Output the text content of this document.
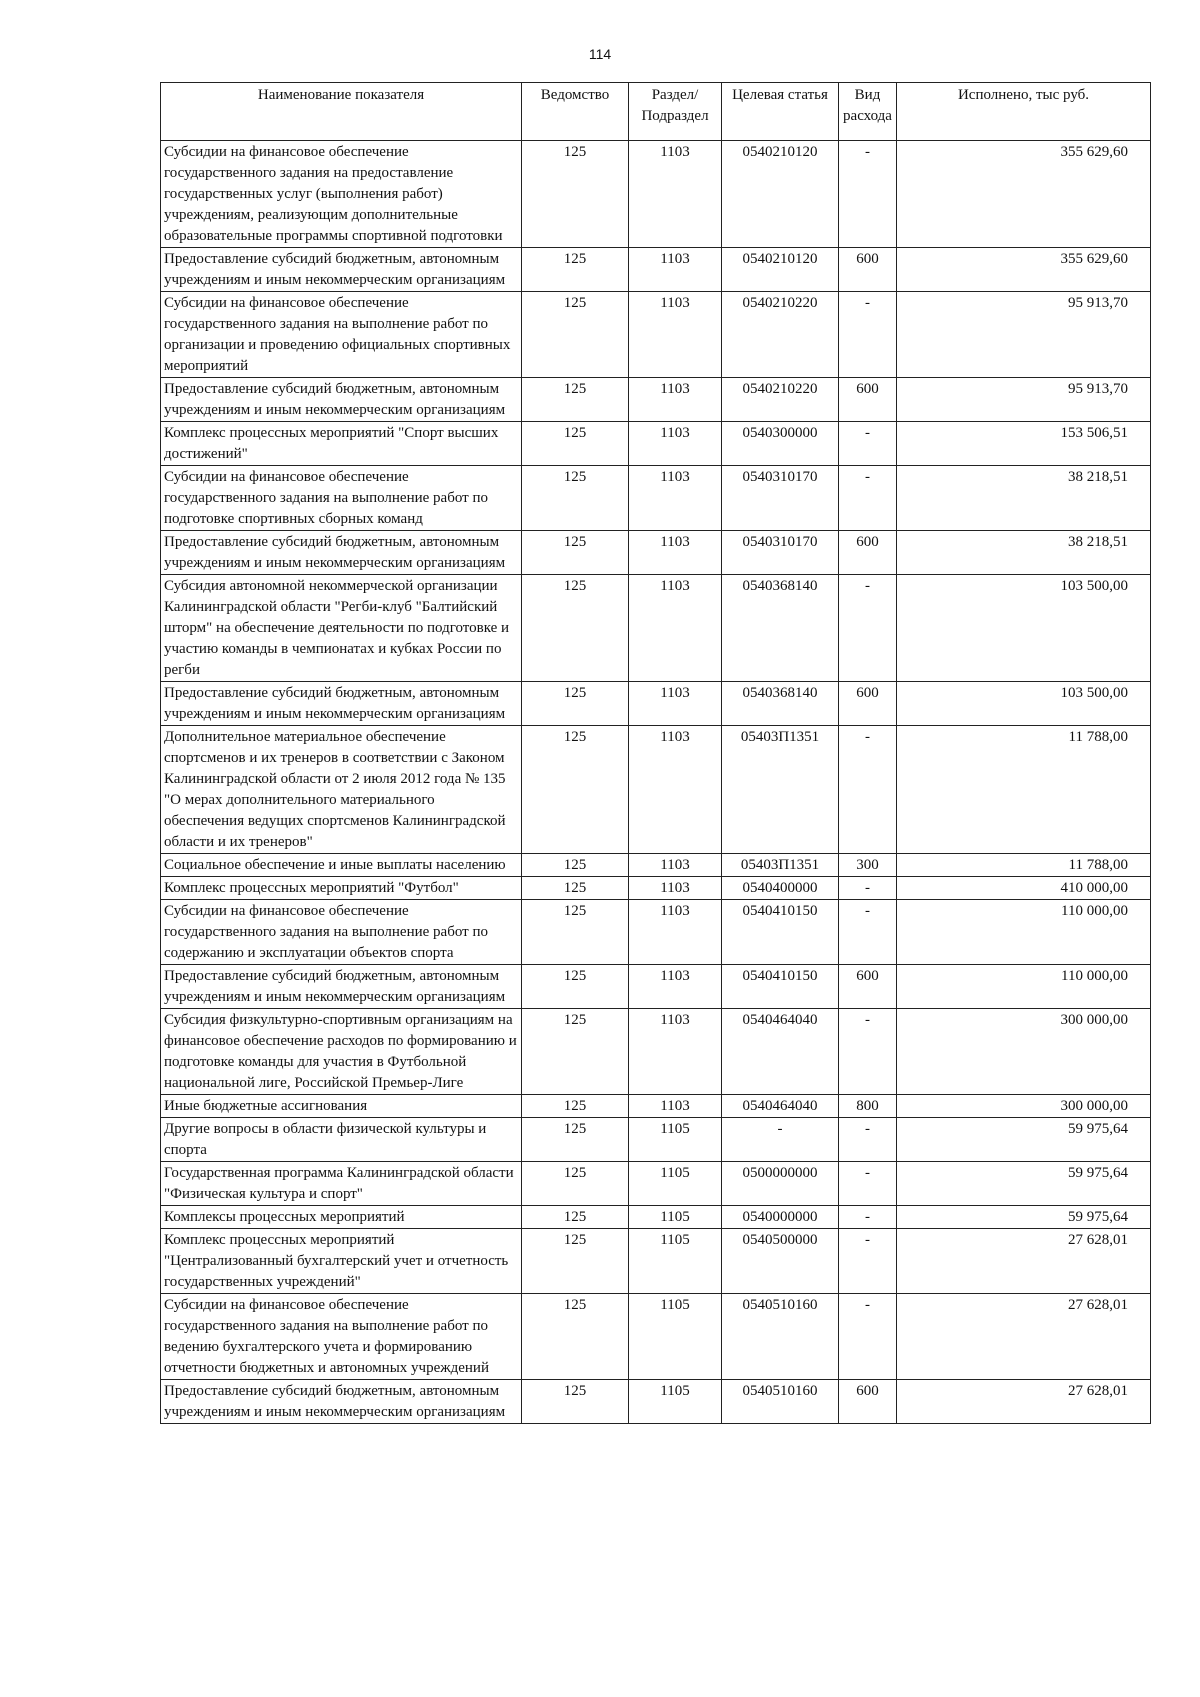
114
Наименование показателя	Ведомство	Раздел/ Подраздел	Целевая статья	Вид расхода	Исполнено, тыс руб.
Субсидии на финансовое обеспечение государственного задания на предоставление государственных услуг (выполнения работ) учреждениям, реализующим дополнительные образовательные программы спортивной подготовки	125	1103	0540210120	-	355 629,60
Предоставление субсидий бюджетным, автономным учреждениям и иным некоммерческим организациям	125	1103	0540210120	600	355 629,60
Субсидии на финансовое обеспечение государственного задания на выполнение работ по организации и проведению официальных спортивных мероприятий	125	1103	0540210220	-	95 913,70
Предоставление субсидий бюджетным, автономным учреждениям и иным некоммерческим организациям	125	1103	0540210220	600	95 913,70
Комплекс процессных мероприятий "Спорт высших достижений"	125	1103	0540300000	-	153 506,51
Субсидии на финансовое обеспечение государственного задания на выполнение работ по подготовке спортивных сборных команд	125	1103	0540310170	-	38 218,51
Предоставление субсидий бюджетным, автономным учреждениям и иным некоммерческим организациям	125	1103	0540310170	600	38 218,51
Субсидия автономной некоммерческой организации Калининградской области "Регби-клуб "Балтийский шторм" на обеспечение деятельности по подготовке и участию команды в чемпионатах и кубках России по регби	125	1103	0540368140	-	103 500,00
Предоставление субсидий бюджетным, автономным учреждениям и иным некоммерческим организациям	125	1103	0540368140	600	103 500,00
Дополнительное материальное обеспечение спортсменов и их тренеров в соответствии с Законом Калининградской области от 2 июля 2012 года № 135 "О мерах дополнительного материального обеспечения ведущих спортсменов Калининградской области и их тренеров"	125	1103	05403П1351	-	11 788,00
Социальное обеспечение и иные выплаты населению	125	1103	05403П1351	300	11 788,00
Комплекс процессных мероприятий "Футбол"	125	1103	0540400000	-	410 000,00
Субсидии на финансовое обеспечение государственного задания на выполнение работ по содержанию и эксплуатации объектов спорта	125	1103	0540410150	-	110 000,00
Предоставление субсидий бюджетным, автономным учреждениям и иным некоммерческим организациям	125	1103	0540410150	600	110 000,00
Субсидия физкультурно-спортивным организациям на финансовое обеспечение расходов по формированию и подготовке команды для участия в Футбольной национальной лиге, Российской Премьер-Лиге	125	1103	0540464040	-	300 000,00
Иные бюджетные ассигнования	125	1103	0540464040	800	300 000,00
Другие вопросы в области физической культуры и спорта	125	1105	-	-	59 975,64
Государственная программа Калининградской области "Физическая культура и спорт"	125	1105	0500000000	-	59 975,64
Комплексы процессных мероприятий	125	1105	0540000000	-	59 975,64
Комплекс процессных мероприятий "Централизованный бухгалтерский учет и отчетность государственных учреждений"	125	1105	0540500000	-	27 628,01
Субсидии на финансовое обеспечение государственного задания на выполнение работ по ведению бухгалтерского учета и формированию отчетности бюджетных и автономных учреждений	125	1105	0540510160	-	27 628,01
Предоставление субсидий бюджетным, автономным учреждениям и иным некоммерческим организациям	125	1105	0540510160	600	27 628,01
